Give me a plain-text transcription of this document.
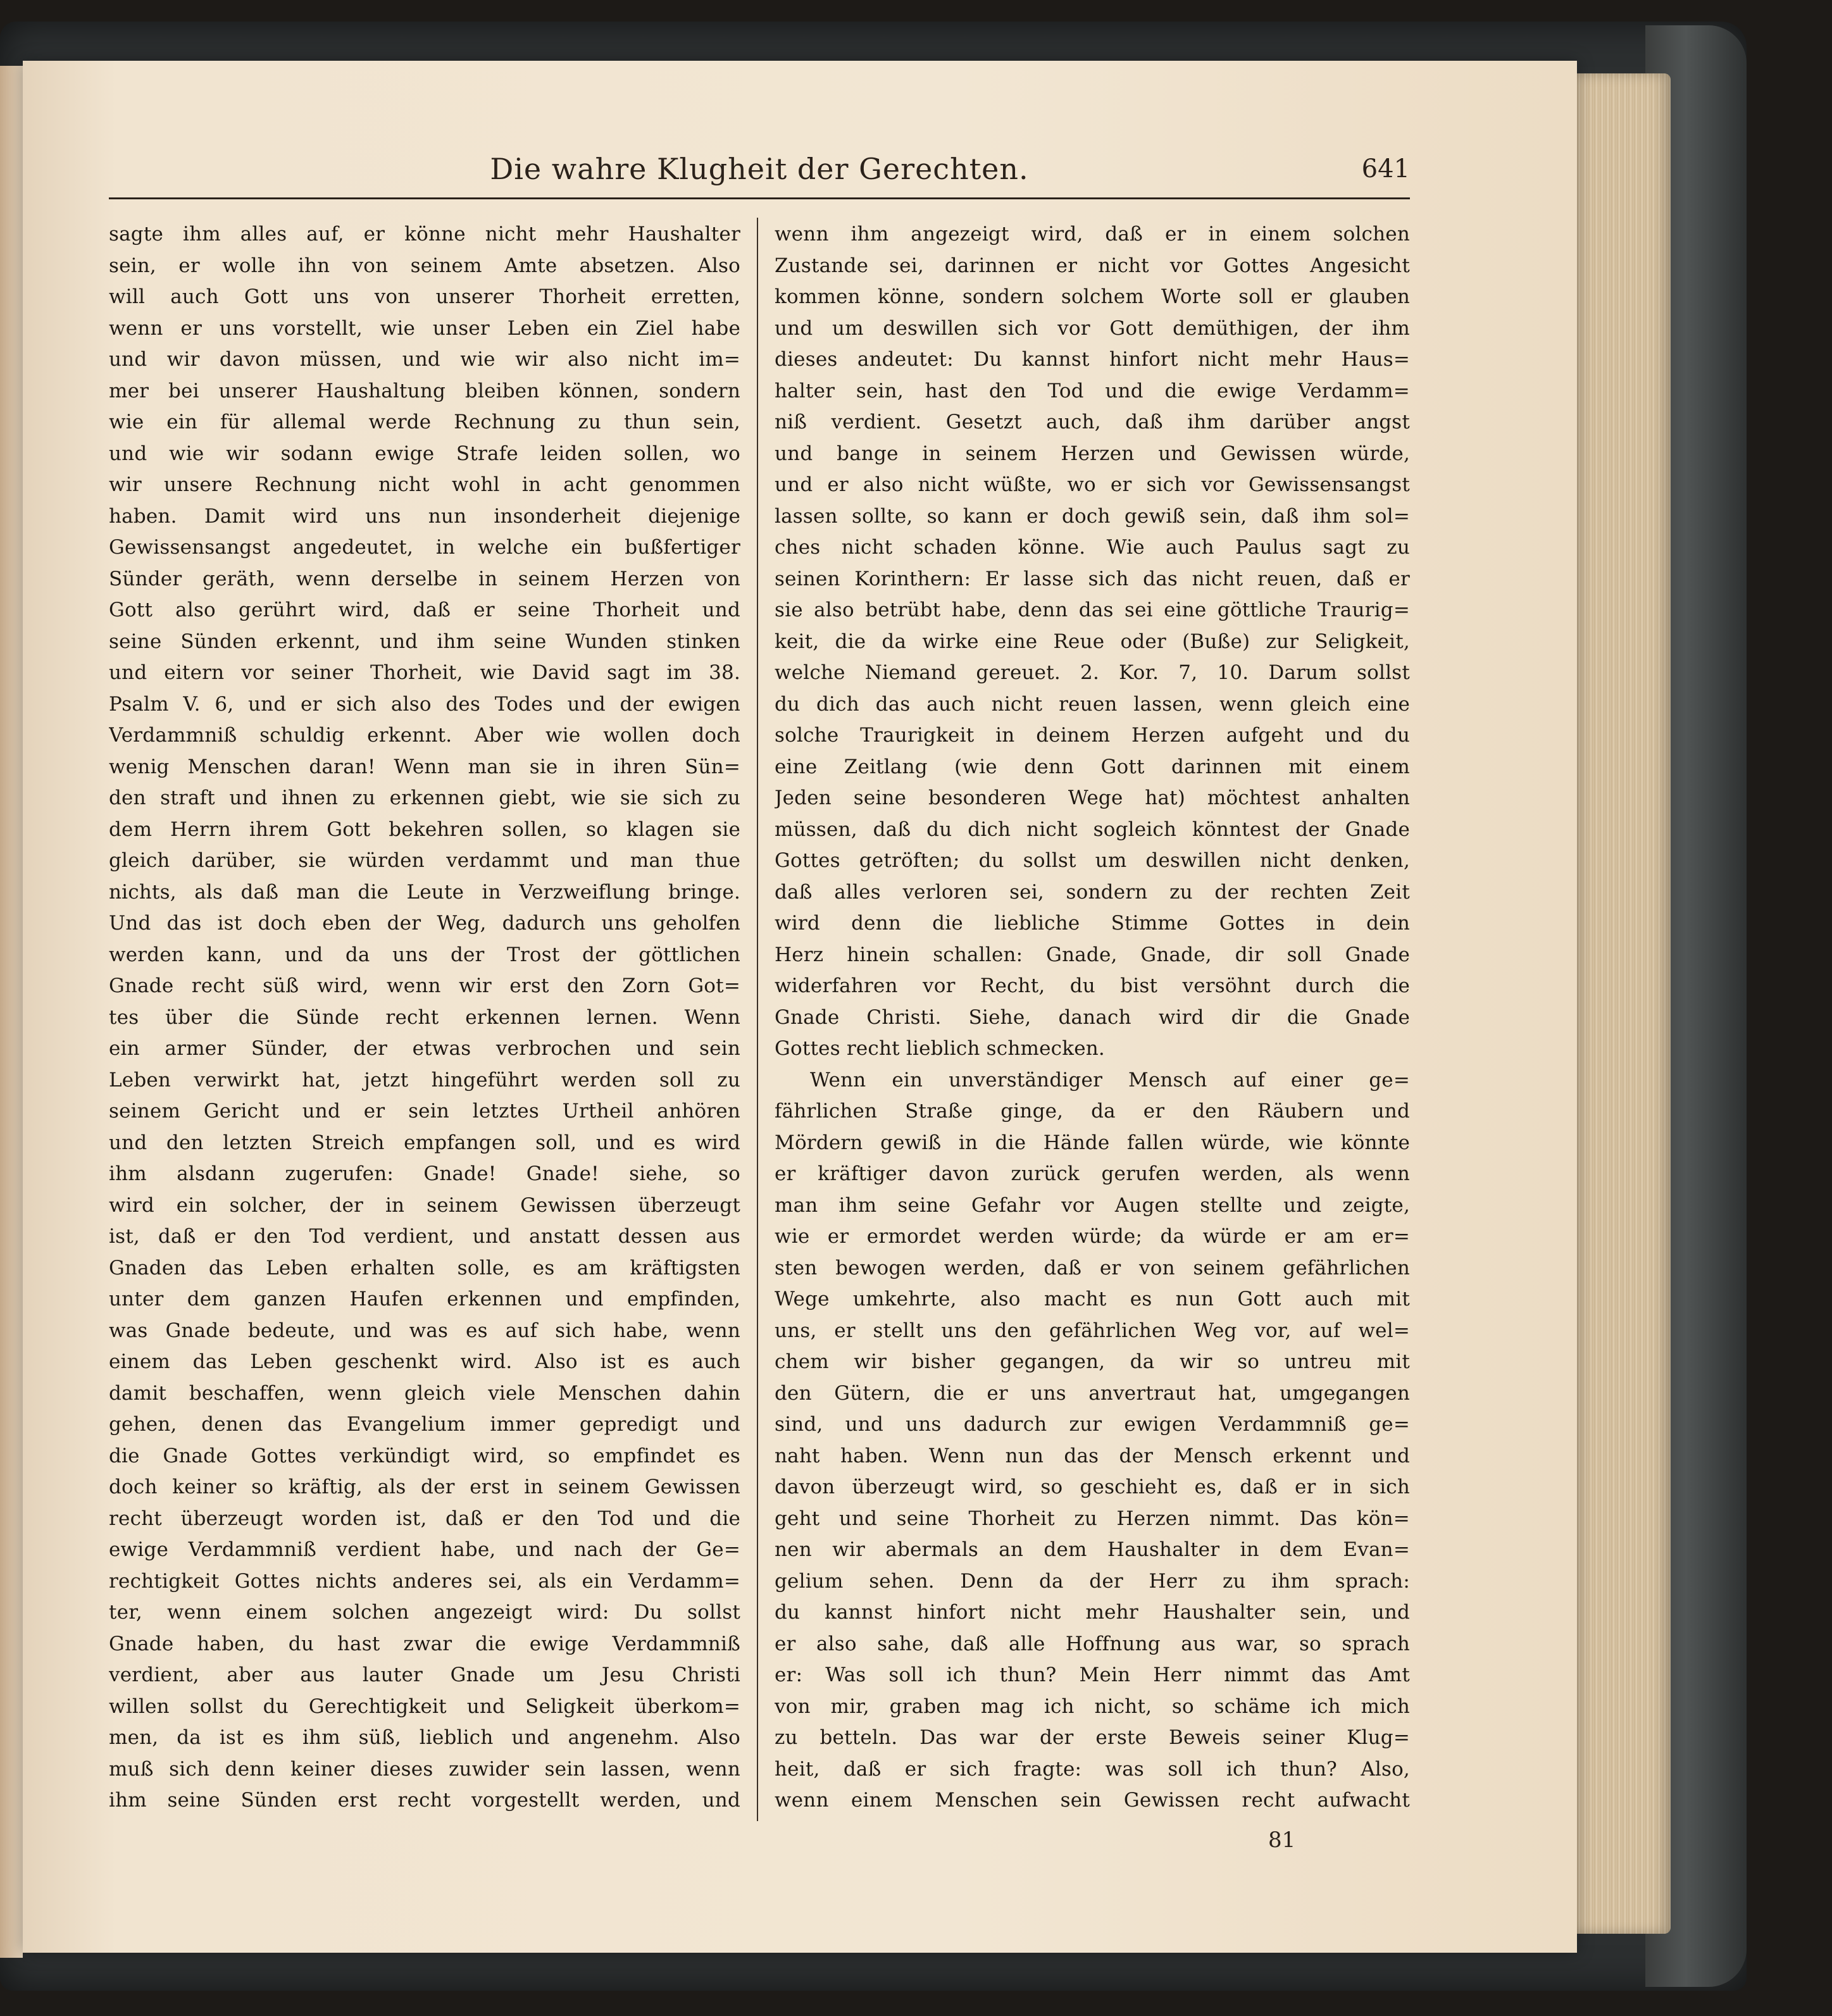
Die wahre Klugheit der Gerechten.	641
sagte ihm alles auf, er könne nicht mehr Haushalter
sein, er wolle ihn von seinem Amte absetzen. Also
will auch Gott uns von unserer Thorheit erretten,
wenn er uns vorstellt, wie unser Leben ein Ziel habe
und wir davon müssen, und wie wir also nicht im=
mer bei unserer Haushaltung bleiben können, sondern
wie ein für allemal werde Rechnung zu thun sein,
und wie wir sodann ewige Strafe leiden sollen, wo
wir unsere Rechnung nicht wohl in acht genommen
haben. Damit wird uns nun insonderheit diejenige
Gewissensangst angedeutet, in welche ein bußfertiger
Sünder geräth, wenn derselbe in seinem Herzen von
Gott also gerührt wird, daß er seine Thorheit und
seine Sünden erkennt, und ihm seine Wunden stinken
und eitern vor seiner Thorheit, wie David sagt im 38.
Psalm V. 6, und er sich also des Todes und der ewigen
Verdammniß schuldig erkennt. Aber wie wollen doch
wenig Menschen daran! Wenn man sie in ihren Sün=
den straft und ihnen zu erkennen giebt, wie sie sich zu
dem Herrn ihrem Gott bekehren sollen, so klagen sie
gleich darüber, sie würden verdammt und man thue
nichts, als daß man die Leute in Verzweiflung bringe.
Und das ist doch eben der Weg, dadurch uns geholfen
werden kann, und da uns der Trost der göttlichen
Gnade recht süß wird, wenn wir erst den Zorn Got=
tes über die Sünde recht erkennen lernen. Wenn
ein armer Sünder, der etwas verbrochen und sein
Leben verwirkt hat, jetzt hingeführt werden soll zu
seinem Gericht und er sein letztes Urtheil anhören
und den letzten Streich empfangen soll, und es wird
ihm alsdann zugerufen: Gnade! Gnade! siehe, so
wird ein solcher, der in seinem Gewissen überzeugt
ist, daß er den Tod verdient, und anstatt dessen aus
Gnaden das Leben erhalten solle, es am kräftigsten
unter dem ganzen Haufen erkennen und empfinden,
was Gnade bedeute, und was es auf sich habe, wenn
einem das Leben geschenkt wird. Also ist es auch
damit beschaffen, wenn gleich viele Menschen dahin
gehen, denen das Evangelium immer gepredigt und
die Gnade Gottes verkündigt wird, so empfindet es
doch keiner so kräftig, als der erst in seinem Gewissen
recht überzeugt worden ist, daß er den Tod und die
ewige Verdammniß verdient habe, und nach der Ge=
rechtigkeit Gottes nichts anderes sei, als ein Verdamm=
ter, wenn einem solchen angezeigt wird: Du sollst
Gnade haben, du hast zwar die ewige Verdammniß
verdient, aber aus lauter Gnade um Jesu Christi
willen sollst du Gerechtigkeit und Seligkeit überkom=
men, da ist es ihm süß, lieblich und angenehm. Also
muß sich denn keiner dieses zuwider sein lassen, wenn
ihm seine Sünden erst recht vorgestellt werden, und
wenn ihm angezeigt wird, daß er in einem solchen
Zustande sei, darinnen er nicht vor Gottes Angesicht
kommen könne, sondern solchem Worte soll er glauben
und um deswillen sich vor Gott demüthigen, der ihm
dieses andeutet: Du kannst hinfort nicht mehr Haus=
halter sein, hast den Tod und die ewige Verdamm=
niß verdient. Gesetzt auch, daß ihm darüber angst
und bange in seinem Herzen und Gewissen würde,
und er also nicht wüßte, wo er sich vor Gewissensangst
lassen sollte, so kann er doch gewiß sein, daß ihm sol=
ches nicht schaden könne. Wie auch Paulus sagt zu
seinen Korinthern: Er lasse sich das nicht reuen, daß er
sie also betrübt habe, denn das sei eine göttliche Traurig=
keit, die da wirke eine Reue oder (Buße) zur Seligkeit,
welche Niemand gereuet. 2. Kor. 7, 10. Darum sollst
du dich das auch nicht reuen lassen, wenn gleich eine
solche Traurigkeit in deinem Herzen aufgeht und du
eine Zeitlang (wie denn Gott darinnen mit einem
Jeden seine besonderen Wege hat) möchtest anhalten
müssen, daß du dich nicht sogleich könntest der Gnade
Gottes getröften; du sollst um deswillen nicht denken,
daß alles verloren sei, sondern zu der rechten Zeit
wird denn die liebliche Stimme Gottes in dein
Herz hinein schallen: Gnade, Gnade, dir soll Gnade
widerfahren vor Recht, du bist versöhnt durch die
Gnade Christi. Siehe, danach wird dir die Gnade
Gottes recht lieblich schmecken.
Wenn ein unverständiger Mensch auf einer ge=
fährlichen Straße ginge, da er den Räubern und
Mördern gewiß in die Hände fallen würde, wie könnte
er kräftiger davon zurück gerufen werden, als wenn
man ihm seine Gefahr vor Augen stellte und zeigte,
wie er ermordet werden würde; da würde er am er=
sten bewogen werden, daß er von seinem gefährlichen
Wege umkehrte, also macht es nun Gott auch mit
uns, er stellt uns den gefährlichen Weg vor, auf wel=
chem wir bisher gegangen, da wir so untreu mit
den Gütern, die er uns anvertraut hat, umgegangen
sind, und uns dadurch zur ewigen Verdammniß ge=
naht haben. Wenn nun das der Mensch erkennt und
davon überzeugt wird, so geschieht es, daß er in sich
geht und seine Thorheit zu Herzen nimmt. Das kön=
nen wir abermals an dem Haushalter in dem Evan=
gelium sehen. Denn da der Herr zu ihm sprach:
du kannst hinfort nicht mehr Haushalter sein, und
er also sahe, daß alle Hoffnung aus war, so sprach
er: Was soll ich thun? Mein Herr nimmt das Amt
von mir, graben mag ich nicht, so schäme ich mich
zu betteln. Das war der erste Beweis seiner Klug=
heit, daß er sich fragte: was soll ich thun? Also,
wenn einem Menschen sein Gewissen recht aufwacht
81
